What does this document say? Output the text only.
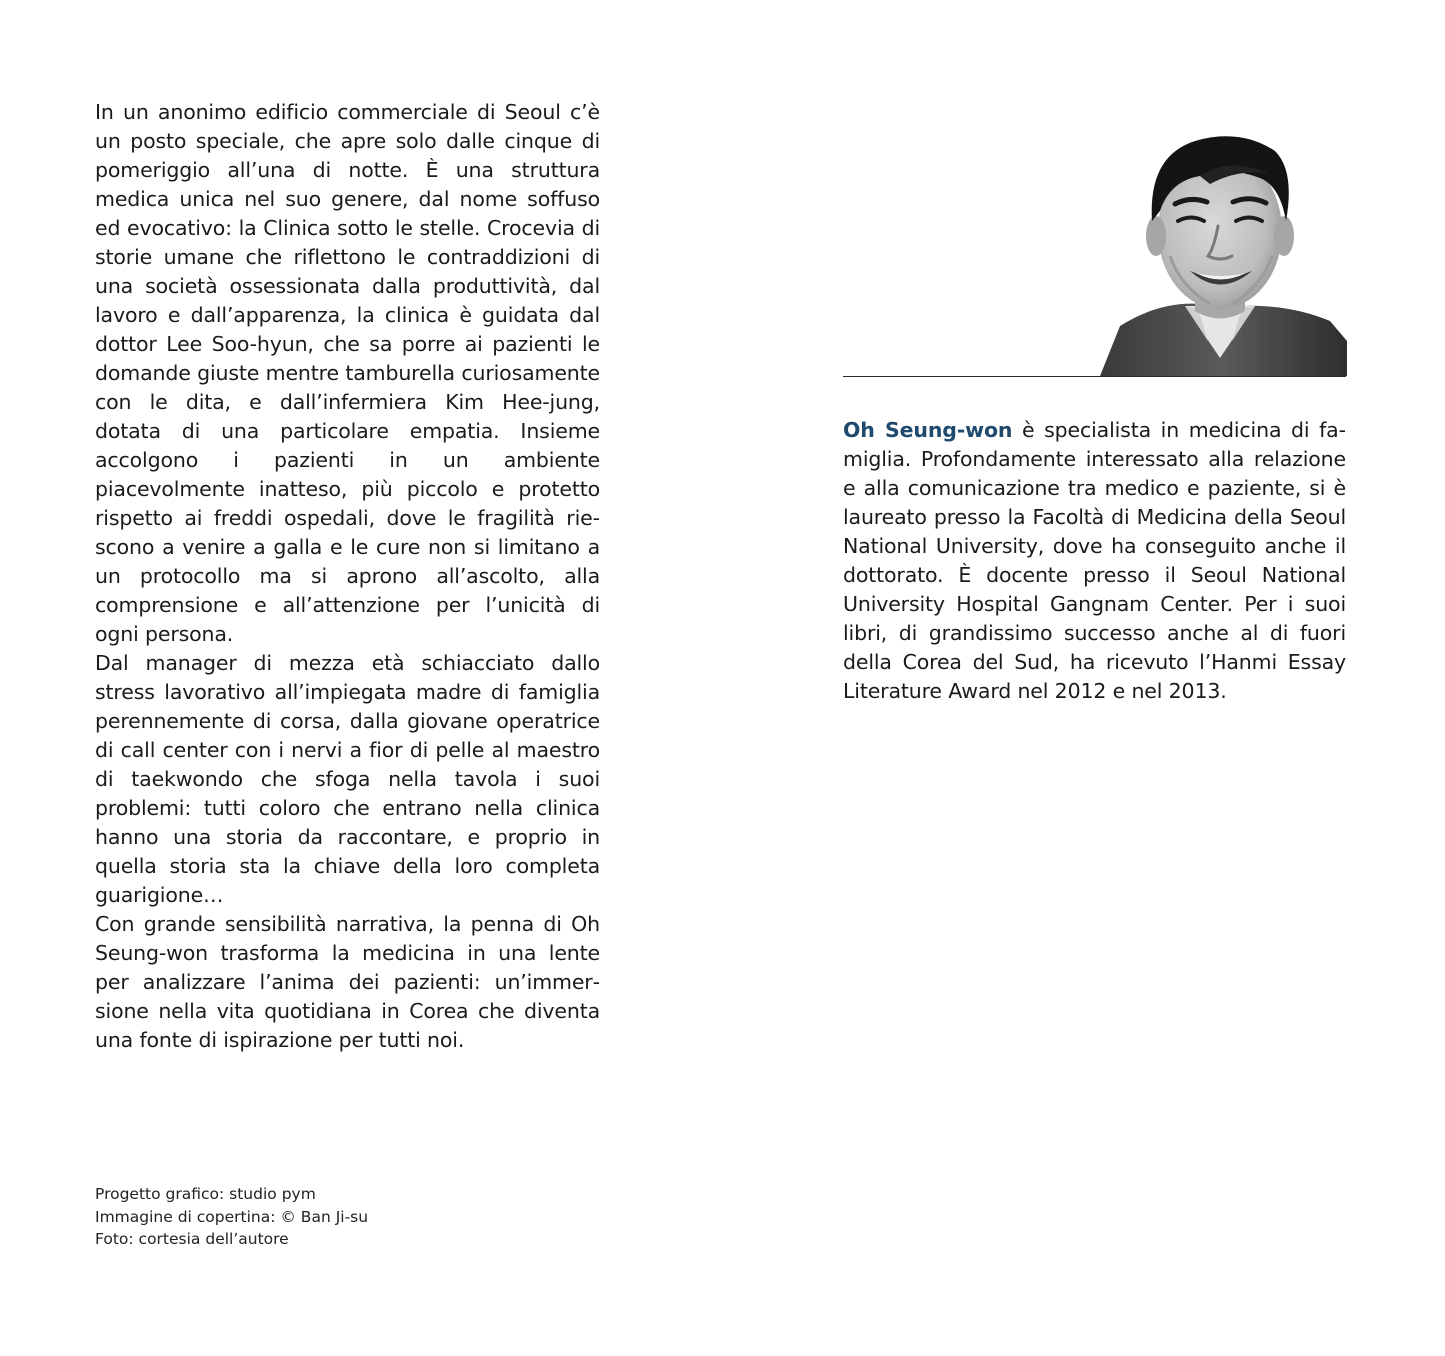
In un anonimo edificio commerciale di Seoul c’è un posto speciale, che apre solo dalle cinque di pomeriggio all’una di notte. È una struttura medica unica nel suo genere, dal nome soffuso ed evocativo: la Clinica sotto le stelle. Crocevia di storie umane che riflettono le contraddizioni di una società ossessionata dalla produttività, dal lavoro e dall’apparenza, la clinica è guidata dal dottor Lee Soo-hyun, che sa porre ai pazienti le domande giuste mentre tamburella curiosamente con le dita, e dall’infermiera Kim Hee-jung, dotata di una particolare empatia. Insieme accolgono i pazienti in un ambiente piacevolmente inatteso, più piccolo e protetto rispetto ai freddi ospedali, dove le fragilità riescono a venire a galla e le cure non si limitano a un protocollo ma si aprono all’ascolto, alla comprensione e all’attenzione per l’unicità di ogni persona.

Dal manager di mezza età schiacciato dallo stress lavorativo all’impiegata madre di famiglia perennemente di corsa, dalla giovane operatrice di call center con i nervi a fior di pelle al maestro di taekwondo che sfoga nella tavola i suoi problemi: tutti coloro che entrano nella clinica hanno una storia da raccontare, e proprio in quella storia sta la chiave della loro completa guarigione…

Con grande sensibilità narrativa, la penna di Oh Seung-won trasforma la medicina in una lente per analizzare l’anima dei pazienti: un’immersione nella vita quotidiana in Corea che diventa una fonte di ispirazione per tutti noi.

Progetto grafico: studio pym
Immagine di copertina: © Ban Ji-su
Foto: cortesia dell’autore

Oh Seung-won è specialista in medicina di famiglia. Profondamente interessato alla relazione e alla comunicazione tra medico e paziente, si è laureato presso la Facoltà di Medicina della Seoul National University, dove ha conseguito anche il dottorato. È docente presso il Seoul National University Hospital Gangnam Center. Per i suoi libri, di grandissimo successo anche al di fuori della Corea del Sud, ha ricevuto l’Hanmi Essay Literature Award nel 2012 e nel 2013.
